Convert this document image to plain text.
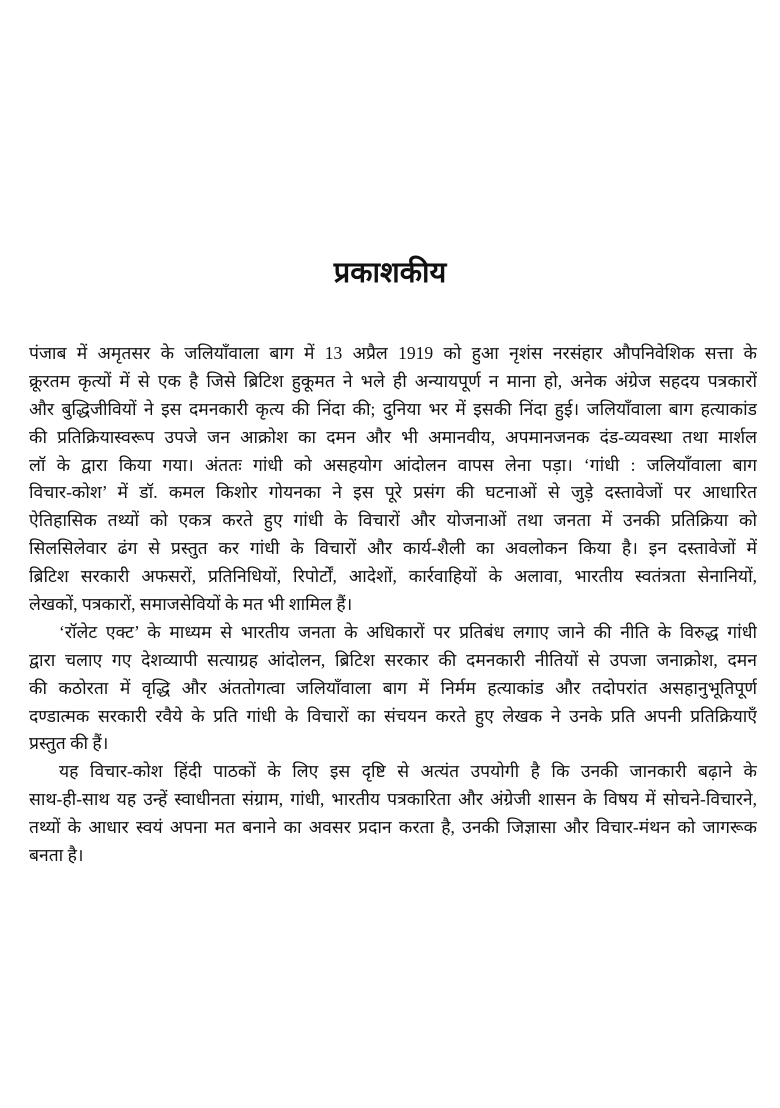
प्रकाशकीय
पंजाब में अमृतसर के जलियाँवाला बाग में 13 अप्रैल 1919 को हुआ नृशंस नरसंहार औपनिवेशिक सत्ता के
क्रूरतम कृत्यों में से एक है जिसे ब्रिटिश हुकूमत ने भले ही अन्यायपूर्ण न माना हो, अनेक अंग्रेज सहदय पत्रकारों
और बुद्धिजीवियों ने इस दमनकारी कृत्य की निंदा की; दुनिया भर में इसकी निंदा हुई। जलियाँवाला बाग हत्याकांड
की प्रतिक्रियास्वरूप उपजे जन आक्रोश का दमन और भी अमानवीय, अपमानजनक दंड-व्यवस्था तथा मार्शल
लॉ के द्वारा किया गया। अंततः गांधी को असहयोग आंदोलन वापस लेना पड़ा। ‘गांधी : जलियाँवाला बाग
विचार-कोश’ में डॉ. कमल किशोर गोयनका ने इस पूरे प्रसंग की घटनाओं से जुड़े दस्तावेजों पर आधारित
ऐतिहासिक तथ्यों को एकत्र करते हुए गांधी के विचारों और योजनाओं तथा जनता में उनकी प्रतिक्रिया को
सिलसिलेवार ढंग से प्रस्तुत कर गांधी के विचारों और कार्य-शैली का अवलोकन किया है। इन दस्तावेजों में
ब्रिटिश सरकारी अफसरों, प्रतिनिधियों, रिपोर्टों, आदेशों, कार्रवाहियों के अलावा, भारतीय स्वतंत्रता सेनानियों,
लेखकों, पत्रकारों, समाजसेवियों के मत भी शामिल हैं।
‘रॉलेट एक्ट’ के माध्यम से भारतीय जनता के अधिकारों पर प्रतिबंध लगाए जाने की नीति के विरुद्ध गांधी
द्वारा चलाए गए देशव्यापी सत्याग्रह आंदोलन, ब्रिटिश सरकार की दमनकारी नीतियों से उपजा जनाक्रोश, दमन
की कठोरता में वृद्धि और अंततोगत्वा जलियाँवाला बाग में निर्मम हत्याकांड और तदोपरांत असहानुभूतिपूर्ण
दण्डात्मक सरकारी रवैये के प्रति गांधी के विचारों का संचयन करते हुए लेखक ने उनके प्रति अपनी प्रतिक्रियाएँ
प्रस्तुत की हैं।
यह विचार-कोश हिंदी पाठकों के लिए इस दृष्टि से अत्यंत उपयोगी है कि उनकी जानकारी बढ़ाने के
साथ-ही-साथ यह उन्हें स्वाधीनता संग्राम, गांधी, भारतीय पत्रकारिता और अंग्रेजी शासन के विषय में सोचने-विचारने,
तथ्यों के आधार स्वयं अपना मत बनाने का अवसर प्रदान करता है, उनकी जिज्ञासा और विचार-मंथन को जागरूक
बनता है।
